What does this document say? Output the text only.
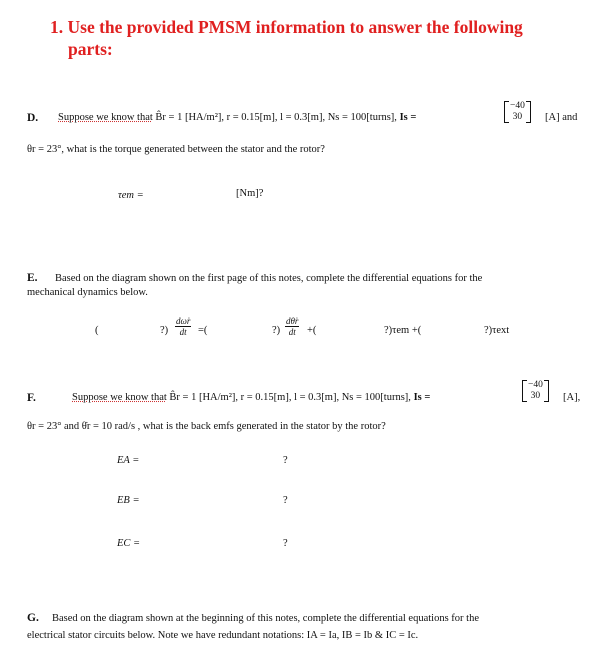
1. Use the provided PMSM information to answer the following
parts:
D. Suppose we know that B̂r = 1 [HA/m²], r = 0.15[m], l = 0.3[m], Ns = 100[turns], Is =
−40
30 [A] and
θr = 23°, what is the torque generated between the stator and the rotor?
τem =	[Nm]?
E. Based on the diagram shown on the first page of this notes, complete the differential equations for the
mechanical dynamics below.
(	?) $\frac{d\omegȧr}{dt}$ =(	?) $\frac{d\thetȧr}{dt}$ +(	?)τem +(	?)τext
F.	Suppose we know that B̂r = 1 [HA/m²], r = 0.15[m], l = 0.3[m], Ns = 100[turns], Is =
−40
30 [A],
θr = 23° and θ̇r = 10 rad/s , what is the back emfs generated in the stator by the rotor?
EA =	?
EB =	?
EC =	?
G. Based on the diagram shown at the beginning of this notes, complete the differential equations for the
electrical stator circuits below. Note we have redundant notations: IA = Ia, IB = Ib & IC = Ic.
